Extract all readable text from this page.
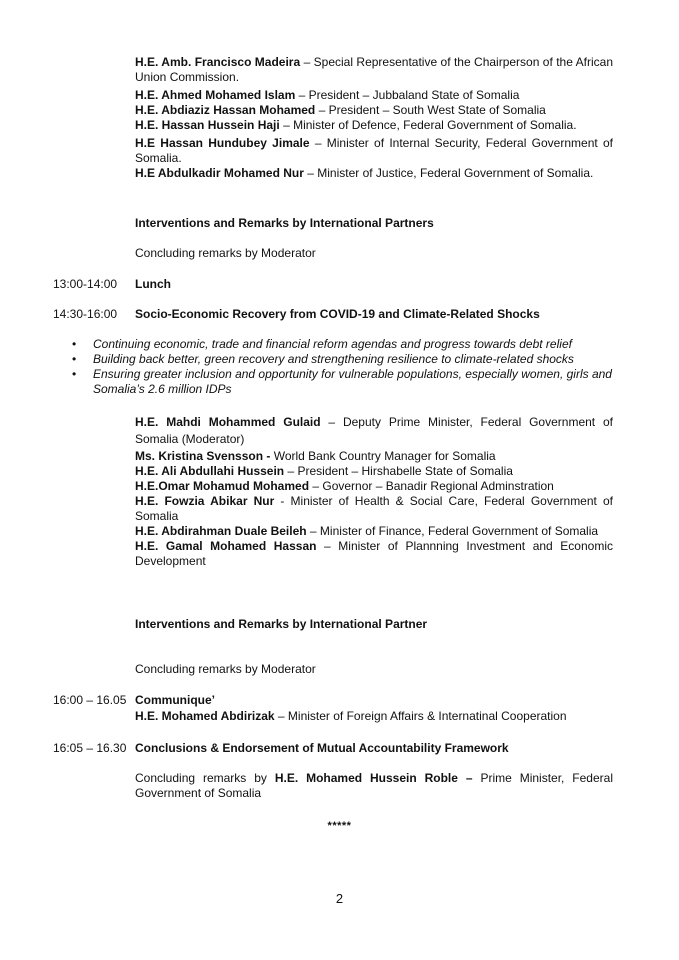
H.E. Amb. Francisco Madeira – Special Representative of the Chairperson of the African Union Commission.
H.E. Ahmed Mohamed Islam – President – Jubbaland State of Somalia
H.E. Abdiaziz Hassan Mohamed – President – South West State of Somalia
H.E. Hassan Hussein Haji – Minister of Defence, Federal Government of Somalia.
H.E Hassan Hundubey Jimale – Minister of Internal Security, Federal Government of Somalia.
H.E Abdulkadir Mohamed Nur – Minister of Justice, Federal Government of Somalia.
Interventions and Remarks by International Partners
Concluding remarks by Moderator
13:00-14:00 Lunch
14:30-16:00 Socio-Economic Recovery from COVID-19 and Climate-Related Shocks
• Continuing economic, trade and financial reform agendas and progress towards debt relief
• Building back better, green recovery and strengthening resilience to climate-related shocks
• Ensuring greater inclusion and opportunity for vulnerable populations, especially women, girls and Somalia’s 2.6 million IDPs
H.E. Mahdi Mohammed Gulaid – Deputy Prime Minister, Federal Government of Somalia (Moderator)
Ms. Kristina Svensson - World Bank Country Manager for Somalia
H.E. Ali Abdullahi Hussein – President – Hirshabelle State of Somalia
H.E.Omar Mohamud Mohamed – Governor – Banadir Regional Adminstration
H.E. Fowzia Abikar Nur - Minister of Health & Social Care, Federal Government of Somalia
H.E. Abdirahman Duale Beileh – Minister of Finance, Federal Government of Somalia
H.E. Gamal Mohamed Hassan – Minister of Plannning Investment and Economic Development
Interventions and Remarks by International Partner
Concluding remarks by Moderator
16:00 – 16.05 Communique’
H.E. Mohamed Abdirizak – Minister of Foreign Affairs & Internatinal Cooperation
16:05 – 16.30 Conclusions & Endorsement of Mutual Accountability Framework
Concluding remarks by H.E. Mohamed Hussein Roble – Prime Minister, Federal Government of Somalia
*****
2
